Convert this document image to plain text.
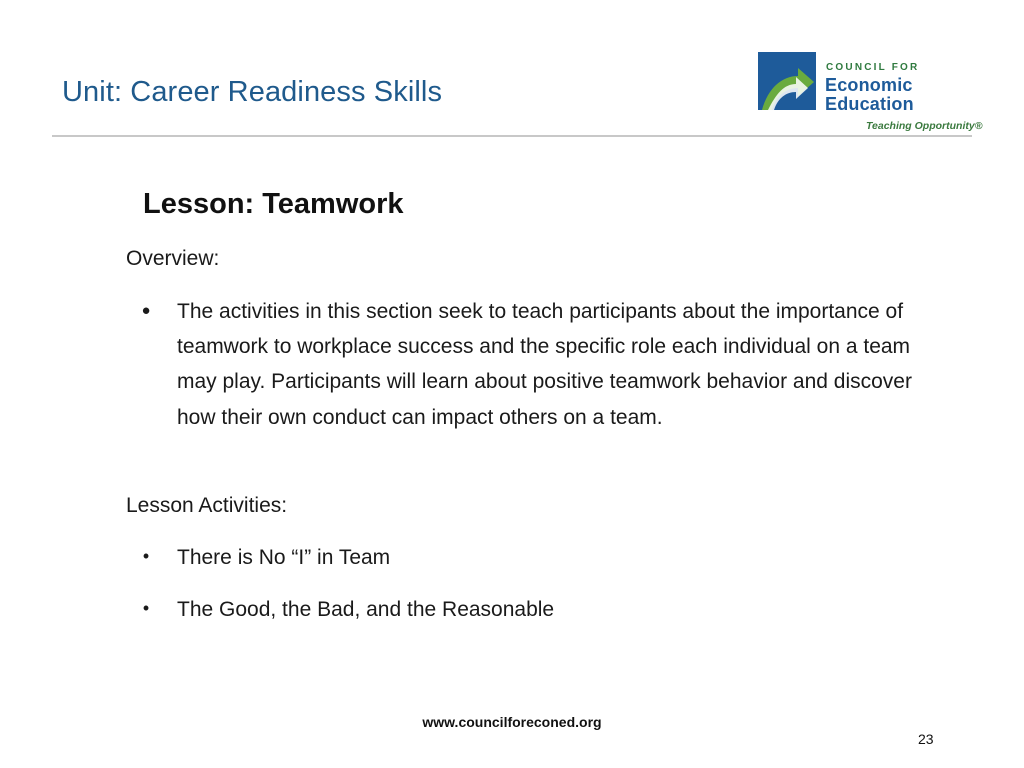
Unit: Career Readiness Skills
COUNCIL FOR
Economic
Education
Teaching Opportunity®
Lesson: Teamwork
Overview:
● The activities in this section seek to teach participants about the importance of teamwork to workplace success and the specific role each individual on a team may play. Participants will learn about positive teamwork behavior and discover how their own conduct can impact others on a team.
Lesson Activities:
•	There is No “I” in Team
•	The Good, the Bad, and the Reasonable
www.councilforeconed.org
23
